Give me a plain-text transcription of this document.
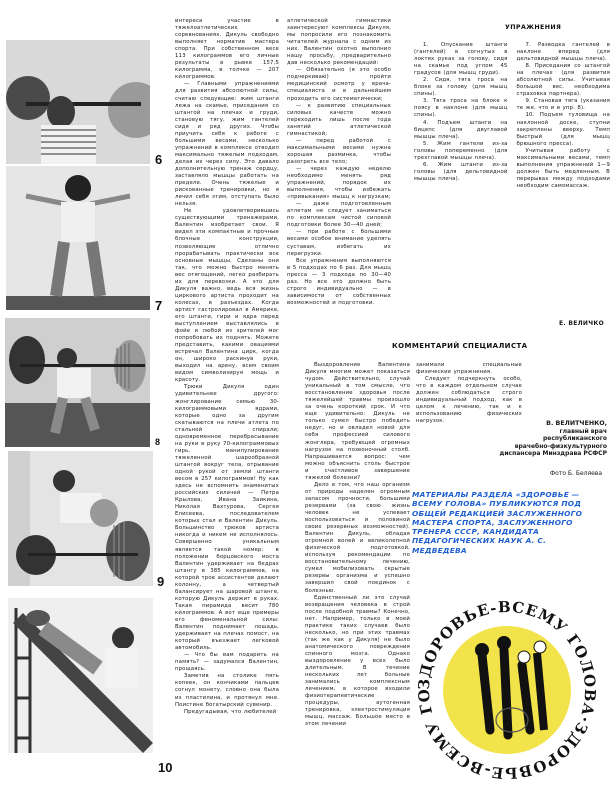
6
7
8
9
10

интереса участие в тяжелоатлетических соревнованиях. Дикуль свободно выполняет норматив мастера спорта. При собственном весе 113 килограммов его личные результаты в рывке 157,5 килограмма, в толчке — 207 килограммов.

— Главными упражнениями для развития абсолютной силы, считаю следующие: жим штанги лежа на скамье, приседания со штангой на плечах и груди, становую тягу, жим гантелей сидя и ряд других. Чтобы приучить себя к работе с большими весами, несколько упражнений в комплексе отводил максимально тяжелым подходам, делая их через силу. Это давало дополнительную тренаж сердцу, заставляло мышцы работать на пределе. Очень тяжелые и рискованные тренировки, но я лечил себя этим, отступать было нельзя.

Не удовлетворившись существующими тренажерами, Валентин изобретает свои. Я видел эти компактные и прочные блочные конструкции, позволяющие отлично прорабатывать практически все основные мышцы. Сделаны они так, что можно быстро менять вес отягощений, легко разбирать их для перевозки. А это для Дикуля важно, ведь вся жизнь циркового артиста проходит на колесах, в разъездах. Когда артист гастролировал в Америке, его штанги, гири и ядра перед выступлением выставлялись в фойе и любой из зрителей мог попробовать их поднять. Можете представить, какими овациями встречал Валентина цирк, когда он, широко раскинув руки, выходил на арену, всем своим видом символизируя мощь и красоту.

Трюки Дикуля один удивительнее другого: жонглирование семью 30-килограммовыми ядрами, которые одно за другим скатываются на плечи атлета по стальной спирали; одновременное перебрасывание на руки в руку 70-килограммовых гирь, манипулирование тяжеленной шарообразной штангой вокруг тела, отрывание одной рукой от земли штанги весом в 257 килограммов! Ну как здесь не вспомнить знаменитых российских силачей — Петра Крылова, Ивана Заикина, Николая Вахтурова, Сергея Елисеева, последователем которых стал и Валентин Дикуль. Большинство трюков артиста никогда и никем не исполнялось. Совершенно уникальным является такой номер: в положении борцовского моста Валентин удерживает на бедрах штангу в 385 килограммов, на которой трое ассистентов делают колонну, а четвертый балансирует на шаровой штанге, которую Дикуль держит в руках. Такая пирамида весит 780 килограммов. А вот еще примеры его феноменальной силы: Валентин поднимает лошадь, удерживает на плечах помост, на который въезжает легковой автомобиль.

— Что бы вам подарить на память? — задумался Валентин, прощаясь.

Заметив на столике пять копеек, он кончиками пальцев согнул монету, словно она была из пластилина, и протянул мне. Поистине богатырский сувенир.

Предугадывая, что любителей

атлетической гимнастики заинтересуют комплексы Дикуля, мы попросили его познакомить читателей журнала с одним из них. Валентин охотно выполнил нашу просьбу, предварительно дав несколько рекомендаций:

— Обязательно (я это особо подчеркиваю) пройти медицинский осмотр у врача-специалиста и в дальнейшем проходить его систематически;

— к развитию специальных силовых качеств можно переходить лишь после года занятий атлетической гимнастикой;

— перед работой с максимальными весами нужна хорошая разминка, чтобы разогреть все тело;

— через каждую неделю необходимо менять ряд упражнений, порядок их выполнения, чтобы избежать «привыкания» мышц к нагрузкам;

— даже подготовленным атлетам не следует заниматься по комплексам чистой силовой подготовки более 30—40 дней;

— при работе с большими весами особое внимание уделять суставам, избегать их перегрузки.

Все упражнения выполняются в 5 подходах по 6 раз. Для мышц пресса — 3 подхода по 30—40 раз. Но все это должно быть строго индивидуально — в зависимости от собственных возможностей и подготовки.

УПРАЖНЕНИЯ

1. Опускание штанги (гантелей) в согнутых в локтях руках за голову, сидя на скамье под углом 45 градусов (для мышц груди).

2. Сидя, тяга троса на блоке за голову (для мышц спины).

3. Тяга троса на блоке к поясу в наклоне (для мышц спины).

4. Подъем штанги на бицепс (для двуглавой мышцы плеча).

5. Жим гантели из-за головы попеременно (для трехглавой мышцы плеча).

6. Жим штанги из-за головы (для дельтовидной мышцы плеча).

7. Разводка гантелей в наклоне вперед (для дельтовидной мышцы плеча).

8. Приседания со штангой на плечах (для развития абсолютной силы. Учитывая большой вес, необходима страховка партнера).

9. Становая тяга (указания те же, что и в упр. 8).

10. Подъем туловища на наклонной доске, ступни закреплены вверху. Темп быстрый (для мышц брюшного пресса).

Учитывая работу с максимальными весами, темп выполнения упражнений 1—9 должен быть медленным. В перерывах между подходами необходим самомассаж.

Е. ВЕЛИЧКО
КОММЕНТАРИЙ СПЕЦИАЛИСТА

Выздоровление Валентина Дикуля многим может показаться чудом. Действительно, случай уникальный в том смысле, что восстановление здоровья после тяжелейшей травмы произошло за очень короткий срок. И что еще удивительно: Дикуль не только сумел быстро победить недуг, но и овладел новой для себя профессией силового жонглера, требующей огромных нагрузок на позвоночный столб. Напрашивается вопрос: чем можно объяснить столь быстрое и счастливое завершение тяжелой болезни?

Дело в том, что наш организм от природы наделен огромным запасом прочности, большими резервами (за свою жизнь человек не успевает воспользоваться и половиной своих резервных возможностей). Валентин Дикуль, обладая огромной волей и великолепной физической подготовкой, используя рекомендации по восстановительному лечению, сумел мобилизовать скрытые резервы организма и успешно завершил свой поединок с болезнью.

Единственный ли это случай возвращения человека в строй после подобной травмы? Конечно, нет. Например, только в моей практике таких случаев было несколько, но при этих травмах (так же как у Дикуля) не было анатомического повреждения спинного мозга. Однако выздоровление у всех было длительным. В течение нескольких лет больные занимались комплексным лечением, в которое входили физиотерапевтические процедуры, аутогенная тренировка, электростимуляция мышц, массаж. Большое место в этом лечении

занимали специальные физические упражнения.

Следует подчеркнуть особо, что в каждом отдельном случае должен соблюдаться строго индивидуальный подход, как в целом к лечению, так и к использованию физических нагрузок.	В. ВЕЛИТЧЕНКО,
главный врач
республиканского
врачебно-физкультурного
диспансера Минздрава РСФСР
Фото Б. Беляева
МАТЕРИАЛЫ РАЗДЕЛА «ЗДОРОВЬЕ — ВСЕМУ ГОЛОВА» ПУБЛИКУЮТСЯ ПОД ОБЩЕЙ РЕДАКЦИЕЙ ЗАСЛУЖЕННОГО МАСТЕРА СПОРТА, ЗАСЛУЖЕННОГО ТРЕНЕРА СССР, КАНДИДАТА ПЕДАГОГИЧЕСКИХ НАУК А. С. МЕДВЕДЕВА
ЗДОРОВЬЕ-ВСЕМУ ГОЛОВА·ЗДОРОВЬЕ-ВСЕМУ ГО
